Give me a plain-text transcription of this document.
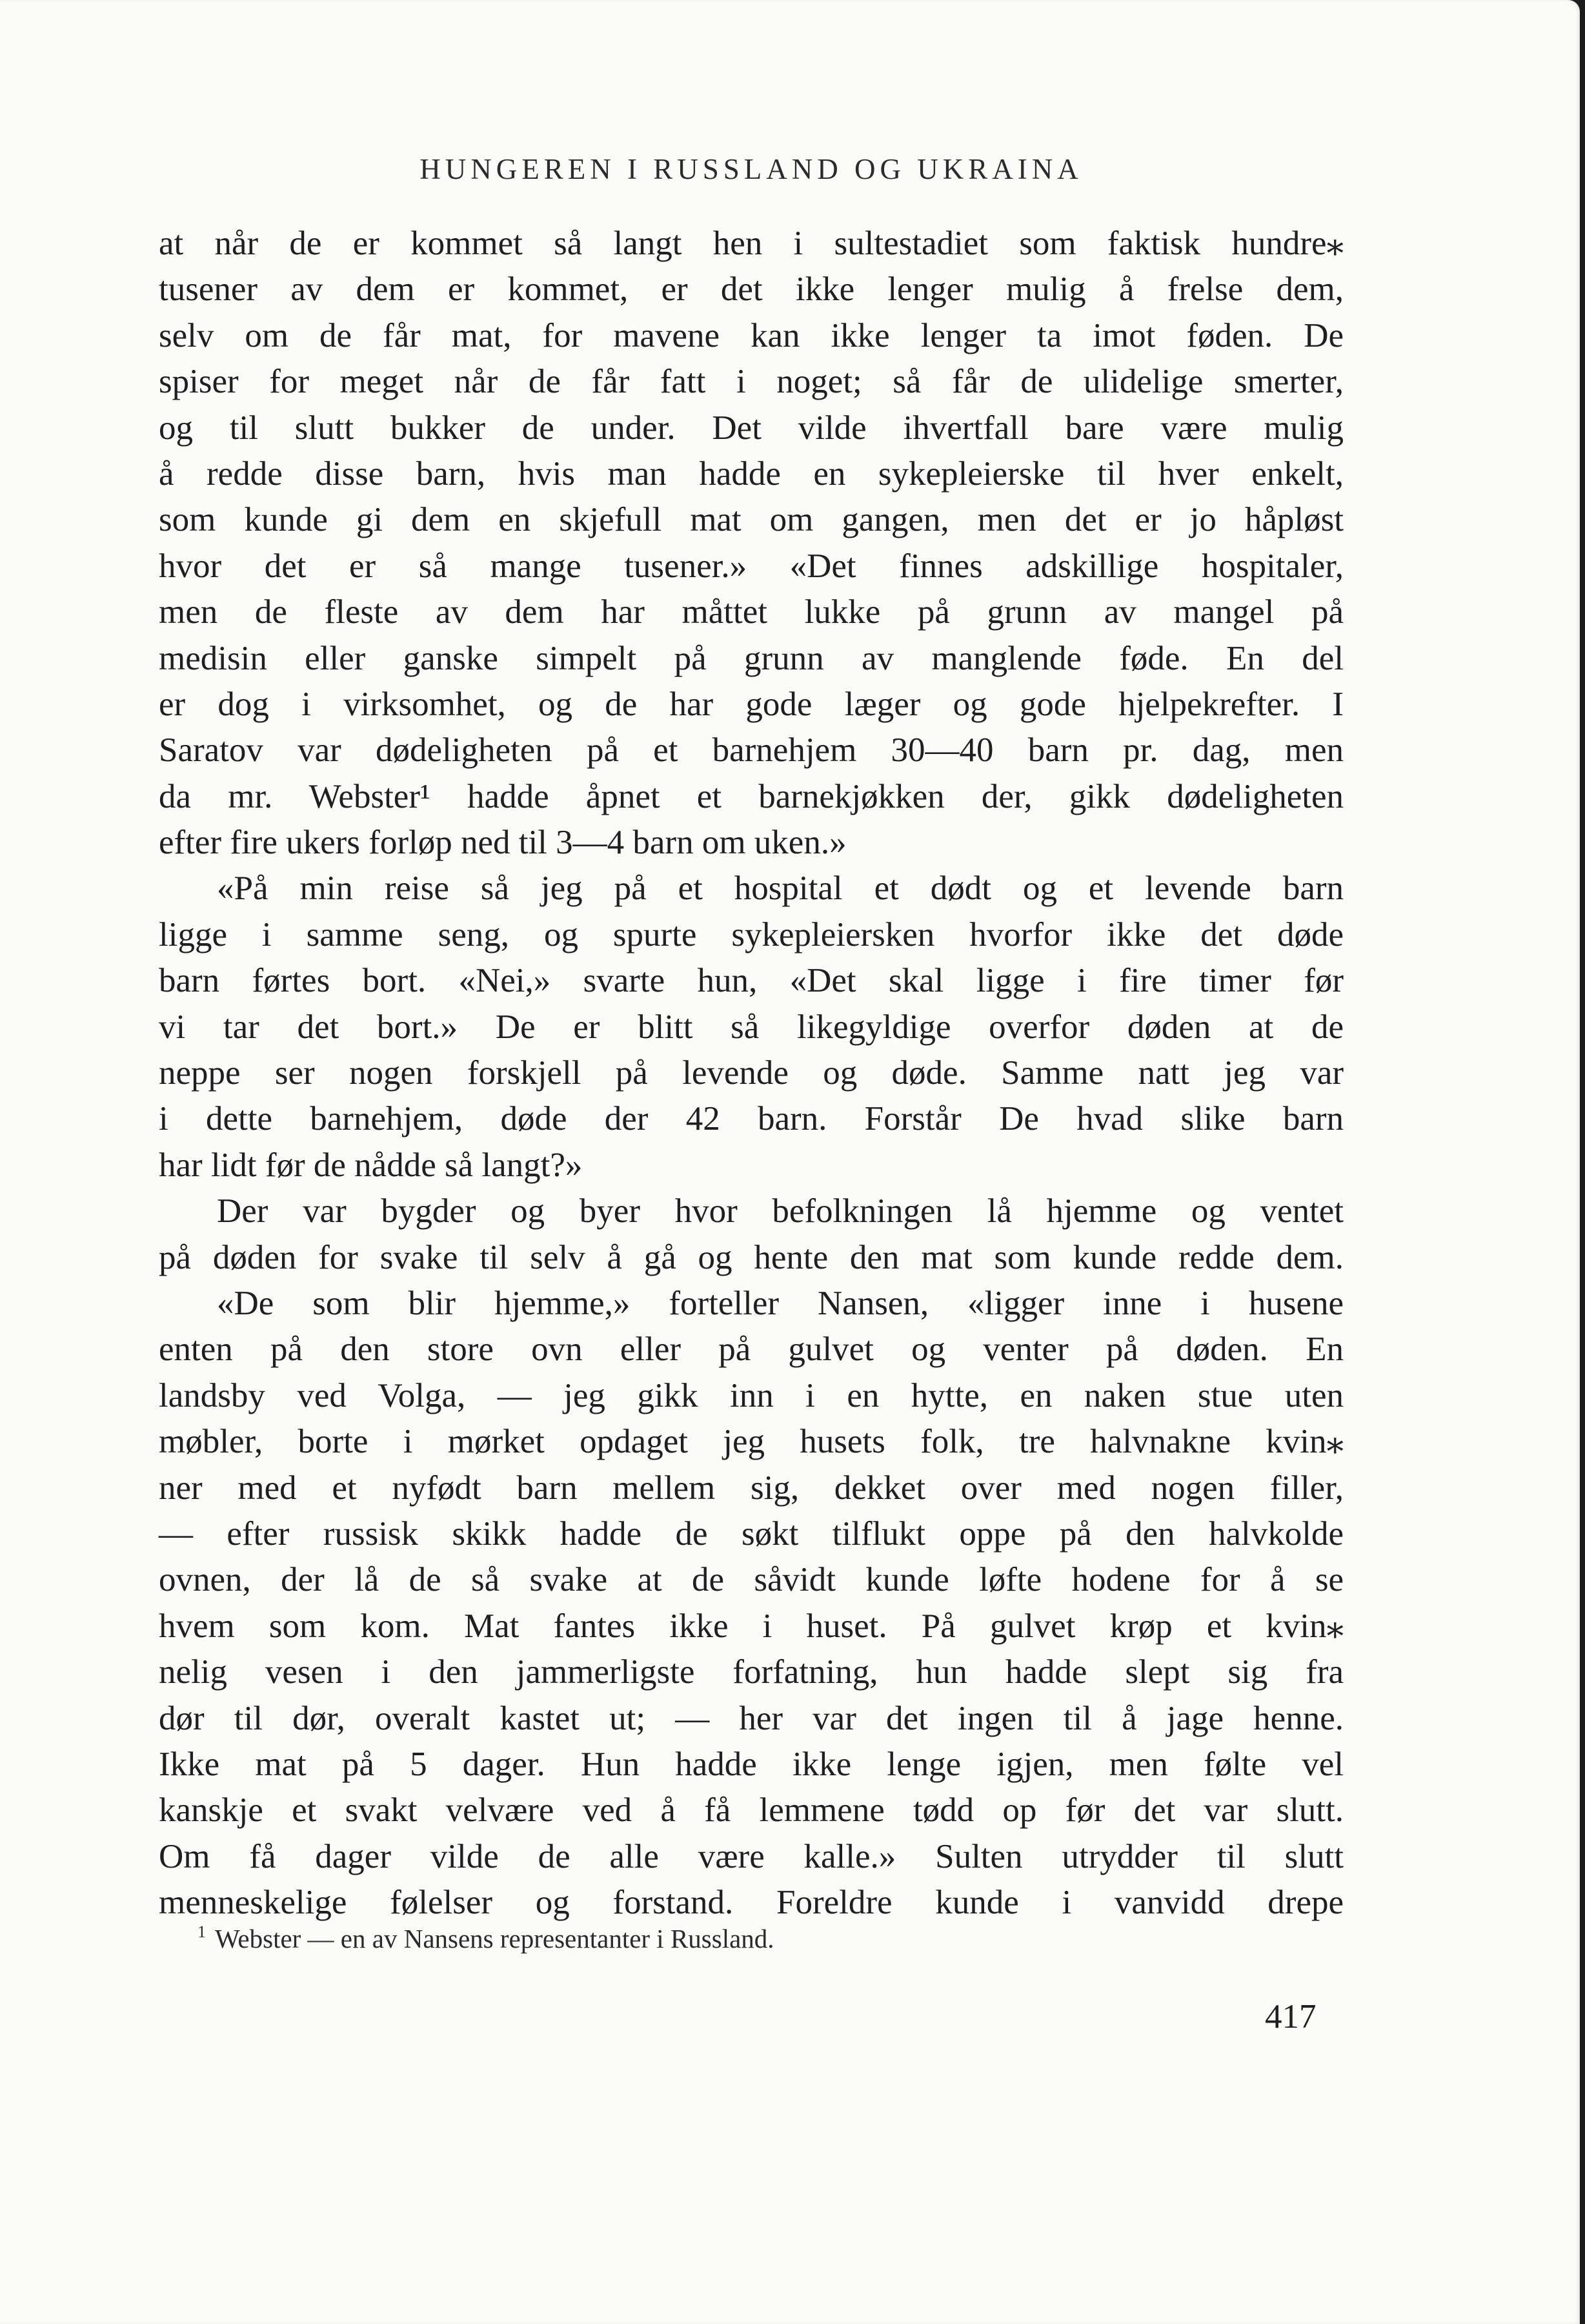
HUNGEREN I RUSSLAND OG UKRAINA
at når de er kommet så langt hen i sultestadiet som faktisk hundre⁎
tusener av dem er kommet, er det ikke lenger mulig å frelse dem,
selv om de får mat, for mavene kan ikke lenger ta imot føden. De
spiser for meget når de får fatt i noget; så får de ulidelige smerter,
og til slutt bukker de under. Det vilde ihvertfall bare være mulig
å redde disse barn, hvis man hadde en sykepleierske til hver enkelt,
som kunde gi dem en skjefull mat om gangen, men det er jo håpløst
hvor det er så mange tusener.» «Det finnes adskillige hospitaler,
men de fleste av dem har måttet lukke på grunn av mangel på
medisin eller ganske simpelt på grunn av manglende føde. En del
er dog i virksomhet, og de har gode læger og gode hjelpekrefter. I
Saratov var dødeligheten på et barnehjem 30—40 barn pr. dag, men
da mr. Webster¹ hadde åpnet et barnekjøkken der, gikk dødeligheten
efter fire ukers forløp ned til 3—4 barn om uken.»
«På min reise så jeg på et hospital et dødt og et levende barn
ligge i samme seng, og spurte sykepleiersken hvorfor ikke det døde
barn førtes bort. «Nei,» svarte hun, «Det skal ligge i fire timer før
vi tar det bort.» De er blitt så likegyldige overfor døden at de
neppe ser nogen forskjell på levende og døde. Samme natt jeg var
i dette barnehjem, døde der 42 barn. Forstår De hvad slike barn
har lidt før de nådde så langt?»
Der var bygder og byer hvor befolkningen lå hjemme og ventet
på døden for svake til selv å gå og hente den mat som kunde redde dem.
«De som blir hjemme,» forteller Nansen, «ligger inne i husene
enten på den store ovn eller på gulvet og venter på døden. En
landsby ved Volga, — jeg gikk inn i en hytte, en naken stue uten
møbler, borte i mørket opdaget jeg husets folk, tre halvnakne kvin⁎
ner med et nyfødt barn mellem sig, dekket over med nogen filler,
— efter russisk skikk hadde de søkt tilflukt oppe på den halvkolde
ovnen, der lå de så svake at de såvidt kunde løfte hodene for å se
hvem som kom. Mat fantes ikke i huset. På gulvet krøp et kvin⁎
nelig vesen i den jammerligste forfatning, hun hadde slept sig fra
dør til dør, overalt kastet ut; — her var det ingen til å jage henne.
Ikke mat på 5 dager. Hun hadde ikke lenge igjen, men følte vel
kanskje et svakt velvære ved å få lemmene tødd op før det var slutt.
Om få dager vilde de alle være kalle.» Sulten utrydder til slutt
menneskelige følelser og forstand. Foreldre kunde i vanvidd drepe
$^1$ Webster — en av Nansens representanter i Russland.
417
